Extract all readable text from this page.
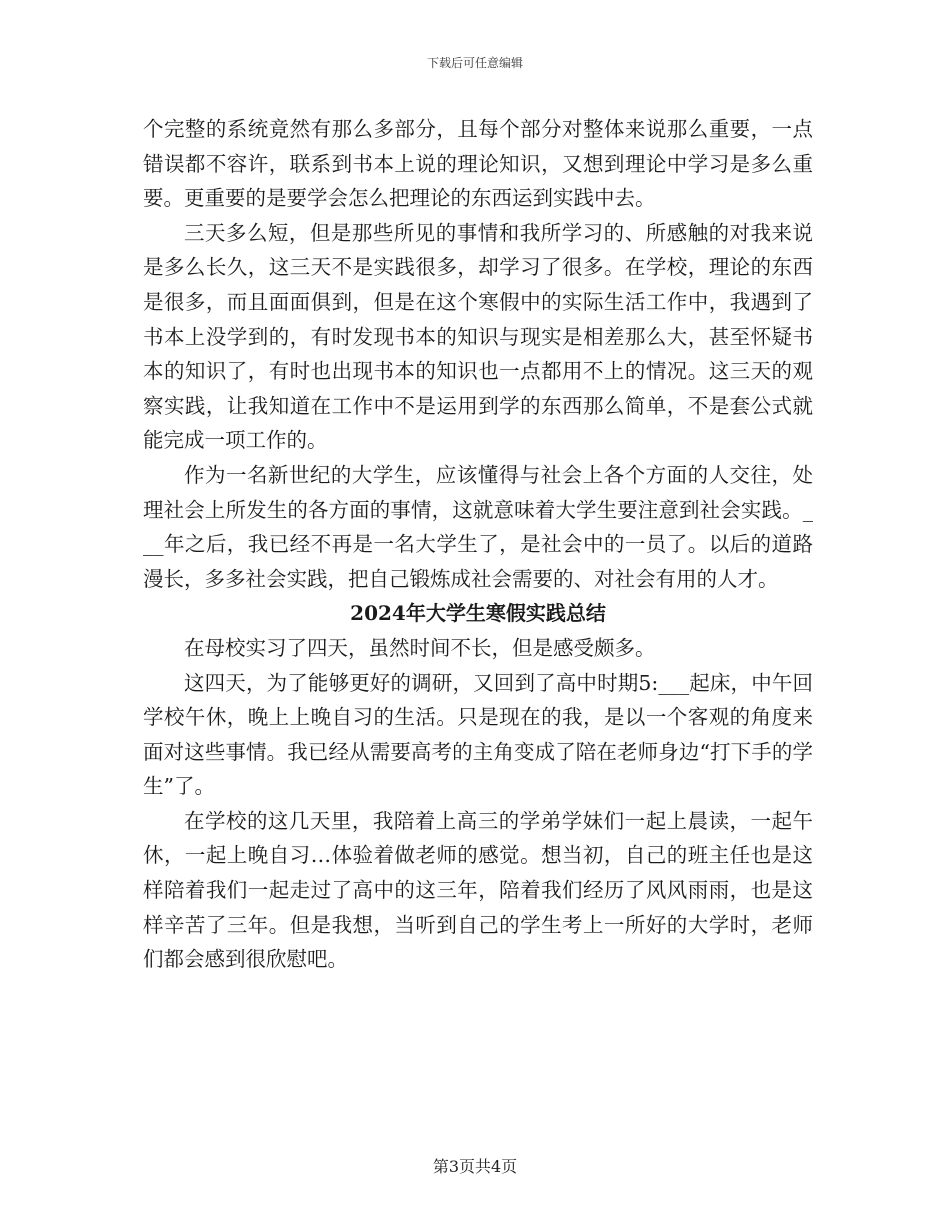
下载后可任意编辑

个完整的系统竟然有那么多部分，且每个部分对整体来说那么重要，一点错误都不容许，联系到书本上说的理论知识，又想到理论中学习是多么重要。更重要的是要学会怎么把理论的东西运到实践中去。

三天多么短，但是那些所见的事情和我所学习的、所感触的对我来说是多么长久，这三天不是实践很多，却学习了很多。在学校，理论的东西是很多，而且面面俱到，但是在这个寒假中的实际生活工作中，我遇到了书本上没学到的，有时发现书本的知识与现实是相差那么大，甚至怀疑书本的知识了，有时也出现书本的知识也一点都用不上的情况。这三天的观察实践，让我知道在工作中不是运用到学的东西那么简单，不是套公式就能完成一项工作的。

作为一名新世纪的大学生，应该懂得与社会上各个方面的人交往，处理社会上所发生的各方面的事情，这就意味着大学生要注意到社会实践。___年之后，我已经不再是一名大学生了，是社会中的一员了。以后的道路漫长，多多社会实践，把自己锻炼成社会需要的、对社会有用的人才。

2024年大学生寒假实践总结

在母校实习了四天，虽然时间不长，但是感受颇多。

这四天，为了能够更好的调研，又回到了高中时期5:___起床，中午回学校午休，晚上上晚自习的生活。只是现在的我，是以一个客观的角度来面对这些事情。我已经从需要高考的主角变成了陪在老师身边“打下手的学生”了。

在学校的这几天里，我陪着上高三的学弟学妹们一起上晨读，一起午休，一起上晚自习…体验着做老师的感觉。想当初，自己的班主任也是这样陪着我们一起走过了高中的这三年，陪着我们经历了风风雨雨，也是这样辛苦了三年。但是我想，当听到自己的学生考上一所好的大学时，老师们都会感到很欣慰吧。

第3页共4页
